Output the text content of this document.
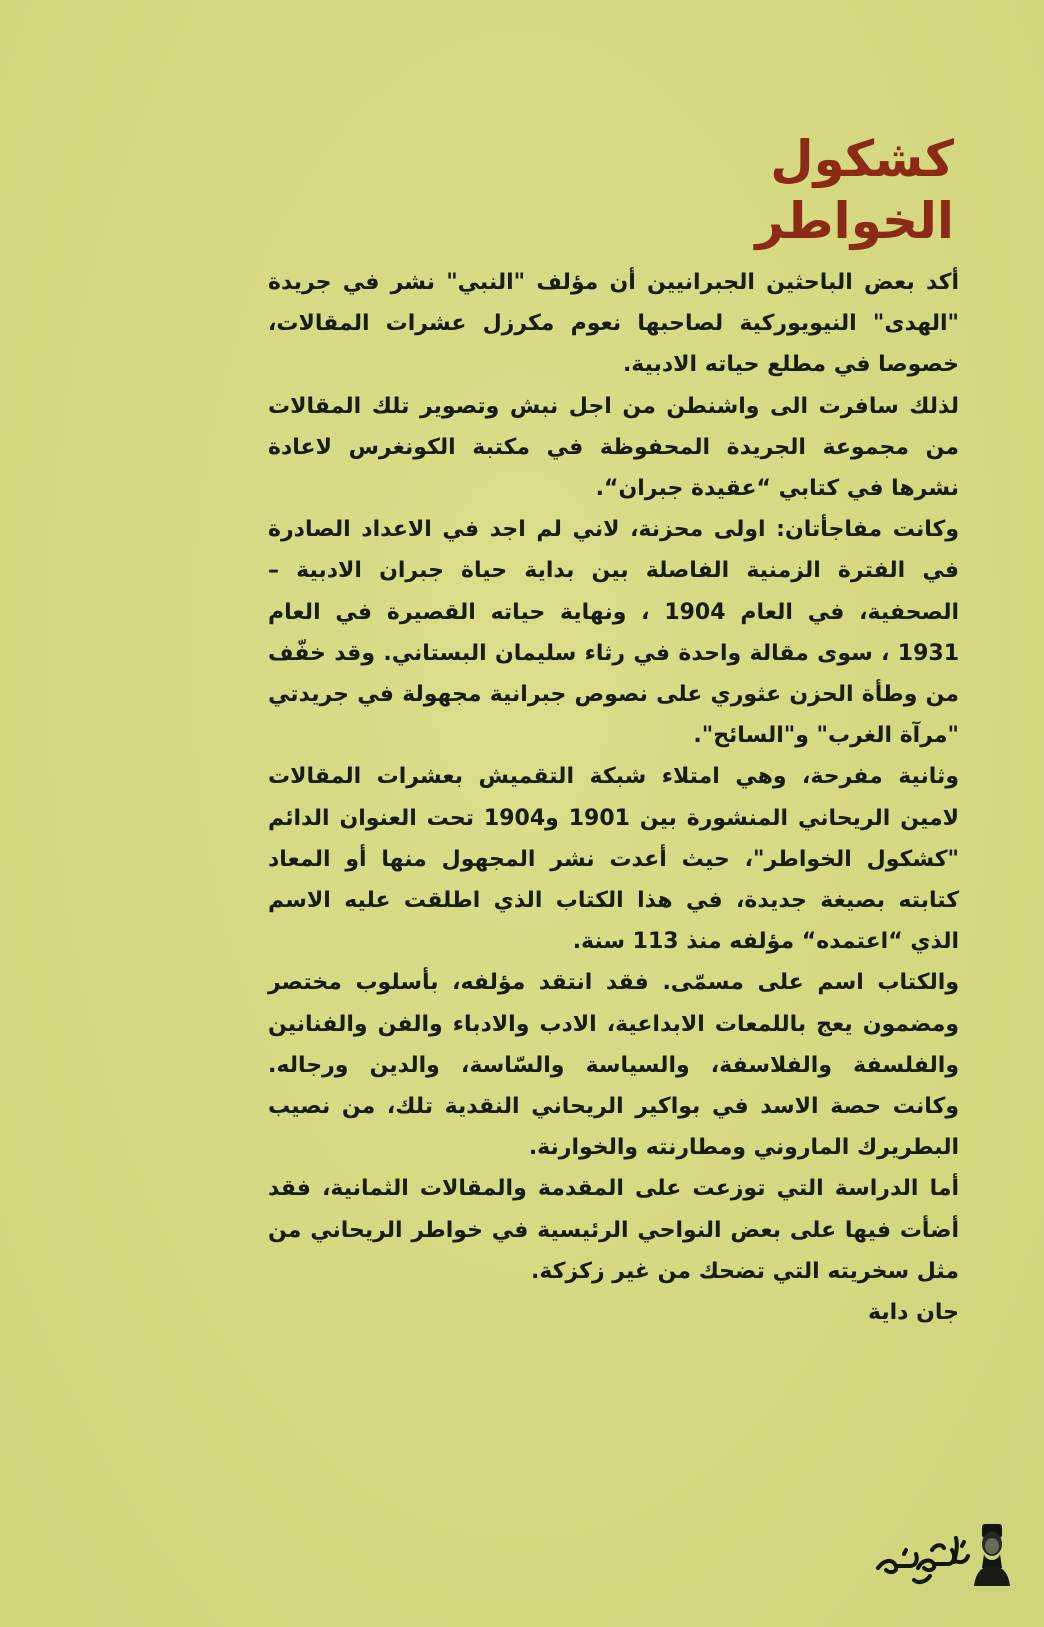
كشكول
الخواطر

أكد بعض الباحثين الجبرانيين أن مؤلف "النبي" نشر في جريدة "الهدى" النيويوركية لصاحبها نعوم مكرزل عشرات المقالات، خصوصا في مطلع حياته الادبية.

لذلك سافرت الى واشنطن من اجل نبش وتصوير تلك المقالات من مجموعة الجريدة المحفوظة في مكتبة الكونغرس لاعادة نشرها في كتابي “عقيدة جبران“.

وكانت مفاجأتان: اولى محزنة، لاني لم اجد في الاعداد الصادرة في الفترة الزمنية الفاصلة بين بداية حياة جبران الادبية – الصحفية، في العام 1904 ، ونهاية حياته القصيرة في العام 1931 ، سوى مقالة واحدة في رثاء سليمان البستاني. وقد خفّف من وطأة الحزن عثوري على نصوص جبرانية مجهولة في جريدتي "مرآة الغرب" و"السائح".

وثانية مفرحة، وهي امتلاء شبكة التقميش بعشرات المقالات لامين الريحاني المنشورة بين 1901 و1904 تحت العنوان الدائم "كشكول الخواطر"، حيث أعدت نشر المجهول منها أو المعاد كتابته بصيغة جديدة، في هذا الكتاب الذي اطلقت عليه الاسم الذي “اعتمده“ مؤلفه منذ 113 سنة.

والكتاب اسم على مسمّى. فقد انتقد مؤلفه، بأسلوب مختصر ومضمون يعج باللمعات الابداعية، الادب والادباء والفن والفنانين والفلسفة والفلاسفة، والسياسة والسّاسة، والدين ورجاله. وكانت حصة الاسد في بواكير الريحاني النقدية تلك، من نصيب البطريرك الماروني ومطارنته والخوارنة.

أما الدراسة التي توزعت على المقدمة والمقالات الثمانية، فقد أضأت فيها على بعض النواحي الرئيسية في خواطر الريحاني من مثل سخريته التي تضحك من غير زكزكة.

جان داية
